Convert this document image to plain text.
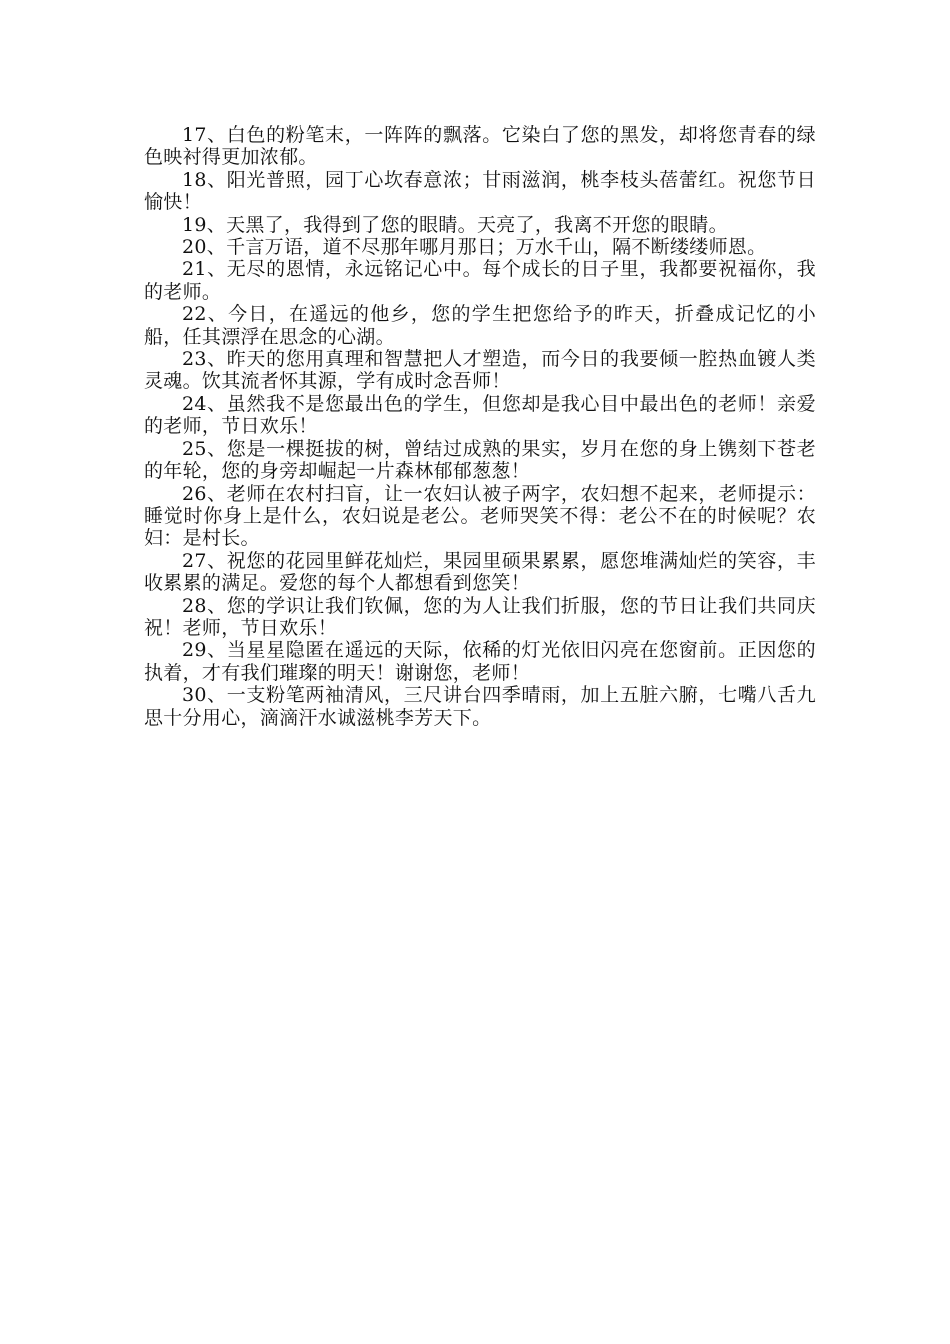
17、白色的粉笔末，一阵阵的飘落。它染白了您的黑发，却将您青春的绿色映衬得更加浓郁。

18、阳光普照，园丁心坎春意浓；甘雨滋润，桃李枝头蓓蕾红。祝您节日愉快！

19、天黑了，我得到了您的眼睛。天亮了，我离不开您的眼睛。

20、千言万语，道不尽那年哪月那日；万水千山，隔不断缕缕师恩。

21、无尽的恩情，永远铭记心中。每个成长的日子里，我都要祝福你，我的老师。

22、今日，在遥远的他乡，您的学生把您给予的昨天，折叠成记忆的小船，任其漂浮在思念的心湖。

23、昨天的您用真理和智慧把人才塑造，而今日的我要倾一腔热血镀人类灵魂。饮其流者怀其源，学有成时念吾师！

24、虽然我不是您最出色的学生，但您却是我心目中最出色的老师！亲爱的老师，节日欢乐！

25、您是一棵挺拔的树，曾结过成熟的果实，岁月在您的身上镌刻下苍老的年轮，您的身旁却崛起一片森林郁郁葱葱！

26、老师在农村扫盲，让一农妇认被子两字，农妇想不起来，老师提示：睡觉时你身上是什么，农妇说是老公。老师哭笑不得：老公不在的时候呢？农妇：是村长。

27、祝您的花园里鲜花灿烂，果园里硕果累累，愿您堆满灿烂的笑容，丰收累累的满足。爱您的每个人都想看到您笑！

28、您的学识让我们钦佩，您的为人让我们折服，您的节日让我们共同庆祝！老师，节日欢乐！

29、当星星隐匿在遥远的天际，依稀的灯光依旧闪亮在您窗前。正因您的执着，才有我们璀璨的明天！谢谢您，老师！

30、一支粉笔两袖清风，三尺讲台四季晴雨，加上五脏六腑，七嘴八舌九思十分用心，滴滴汗水诚滋桃李芳天下。
